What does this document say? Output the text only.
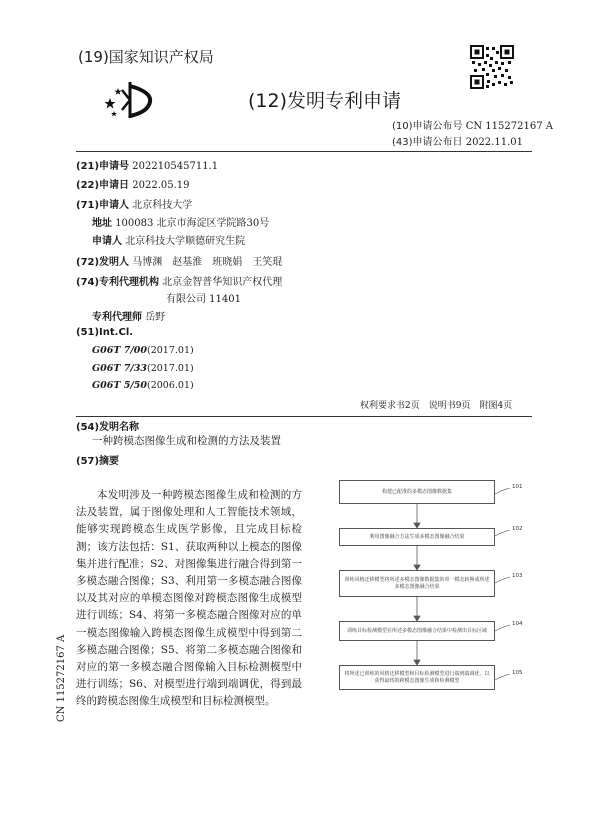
(19)国家知识产权局
(12)发明专利申请
(10)申请公布号 CN 115272167 A
(43)申请公布日 2022.11.01
(21)申请号 202210545711.1
(22)申请日 2022.05.19
(71)申请人 北京科技大学
地址 100083 北京市海淀区学院路30号
申请人 北京科技大学顺德研究生院
(72)发明人 马博渊　赵基淮　班晓娟　王笑琨
(74)专利代理机构 北京金智普华知识产权代理
有限公司 11401
专利代理师 岳野
(51)Int.Cl.
G06T 7/00(2017.01)
G06T 7/33(2017.01)
G06T 5/50(2006.01)
权利要求书2页　说明书9页　附图4页
(54)发明名称
一种跨模态图像生成和检测的方法及装置
(57)摘要
本发明涉及一种跨模态图像生成和检测的方法及装置，属于图像处理和人工智能技术领域，能够实现跨模态生成医学影像，且完成目标检测；该方法包括：S1、获取两种以上模态的图像集并进行配准；S2、对图像集进行融合得到第一多模态融合图像；S3、利用第一多模态融合图像以及其对应的单模态图像对跨模态图像生成模型进行训练；S4、将第一多模态融合图像对应的单一模态图像输入跨模态图像生成模型中得到第二多模态融合图像；S5、将第二多模态融合图像和对应的第一多模态融合图像输入目标检测模型中进行训练；S6、对模型进行端到端调优，得到最终的跨模态图像生成模型和目标检测模型。
CN 115272167 A
构建已配准的多模态图像数据集
101
利用图像融合方法生成多模态图像融合结果
102
训练风格迁移模型将所述多模态图像数据集的单一模态转换成所述多模态图像融合结果
103
训练目标检测模型在所述多模态图像融合结果中检测出目标区域
104
将所述已训练的风格迁移模型和目标检测模型进行端到端调优，以获得最终的跨模态图像生成和检测模型
105
